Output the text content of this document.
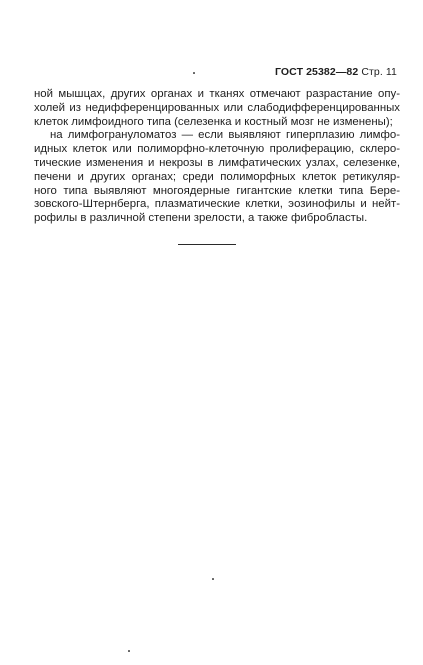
ГОСТ 25382—82 Стр. 11
ной мышцах, других органах и тканях отмечают разрастание опу-
холей из недифференцированных или слабодифференцированных
клеток лимфоидного типа (селезенка и костный мозг не изменены);
на лимфогрануломатоз — если выявляют гиперплазию лимфо-
идных клеток или полиморфно-клеточную пролиферацию, склеро-
тические изменения и некрозы в лимфатических узлах, селезенке,
печени и других органах; среди полиморфных клеток ретикуляр-
ного типа выявляют многоядерные гигантские клетки типа Бере-
зовского-Штернберга, плазматические клетки, эозинофилы и нейт-
рофилы в различной степени зрелости, а также фибробласты.
